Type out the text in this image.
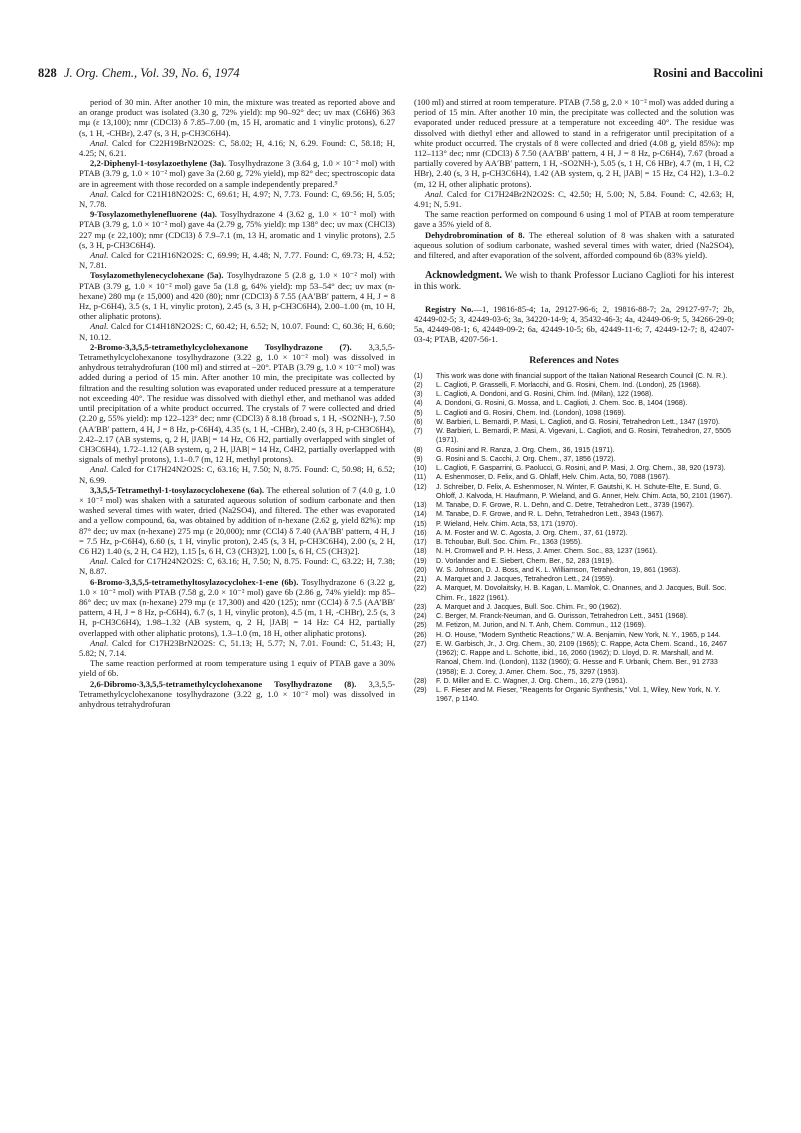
828 J. Org. Chem., Vol. 39, No. 6, 1974	Rosini and Baccolini

period of 30 min. After another 10 min, the mixture was treated as reported above and an orange product was isolated (3.30 g, 72% yield): mp 90–92° dec; uv max (C6H6) 363 mμ (ε 13,100); nmr (CDCl3) δ 7.85–7.00 (m, 15 H, aromatic and 1 vinylic protons), 6.27 (s, 1 H, -CHBr), 2.47 (s, 3 H, p-CH3C6H4).

Anal. Calcd for C22H19BrN2O2S: C, 58.02; H, 4.16; N, 6.29. Found: C, 58.18; H, 4.25; N, 6.21.

2,2-Diphenyl-1-tosylazoethylene (3a). Tosylhydrazone 3 (3.64 g, 1.0 × 10⁻² mol) with PTAB (3.79 g, 1.0 × 10⁻² mol) gave 3a (2.60 g, 72% yield), mp 82° dec; spectroscopic data are in agreement with those recorded on a sample independently prepared.⁹

Anal. Calcd for C21H18N2O2S: C, 69.61; H, 4.97; N, 7.73. Found: C, 69.56; H, 5.05; N, 7.78.

9-Tosylazomethylenefluorene (4a). Tosylhydrazone 4 (3.62 g, 1.0 × 10⁻² mol) with PTAB (3.79 g, 1.0 × 10⁻² mol) gave 4a (2.79 g, 75% yield): mp 138° dec; uv max (CHCl3) 227 mμ (ε 22,100); nmr (CDCl3) δ 7.9–7.1 (m, 13 H, aromatic and 1 vinylic protons), 2.5 (s, 3 H, p-CH3C6H4).

Anal. Calcd for C21H16N2O2S: C, 69.99; H, 4.48; N, 7.77. Found: C, 69.73; H, 4.52; N, 7.81.

Tosylazomethylenecyclohexane (5a). Tosylhydrazone 5 (2.8 g, 1.0 × 10⁻² mol) with PTAB (3.79 g, 1.0 × 10⁻² mol) gave 5a (1.8 g, 64% yield): mp 53–54° dec; uv max (n-hexane) 280 mμ (ε 15,000) and 420 (80); nmr (CDCl3) δ 7.55 (AA′BB′ pattern, 4 H, J = 8 Hz, p-C6H4), 3.5 (s, 1 H, vinylic proton), 2.45 (s, 3 H, p-CH3C6H4), 2.00–1.00 (m, 10 H, other aliphatic protons).

Anal. Calcd for C14H18N2O2S: C, 60.42; H, 6.52; N, 10.07. Found: C, 60.36; H, 6.60; N, 10.12.

2-Bromo-3,3,5,5-tetramethylcyclohexanone Tosylhydrazone (7). 3,3,5,5-Tetramethylcyclohexanone tosylhydrazone (3.22 g, 1.0 × 10⁻² mol) was dissolved in anhydrous tetrahydrofuran (100 ml) and stirred at −20°. PTAB (3.79 g, 1.0 × 10⁻² mol) was added during a period of 15 min. After another 10 min, the precipitate was collected by filtration and the resulting solution was evaporated under reduced pressure at a temperature not exceeding 40°. The residue was dissolved with diethyl ether, and methanol was added until precipitation of a white product occurred. The crystals of 7 were collected and dried (2.20 g, 55% yield): mp 122–123° dec; nmr (CDCl3) δ 8.18 (broad s, 1 H, -SO2NH-), 7.50 (AA′BB′ pattern, 4 H, J = 8 Hz, p-C6H4), 4.35 (s, 1 H, -CHBr), 2.40 (s, 3 H, p-CH3C6H4), 2.42–2.17 (AB systems, q, 2 H, |JAB| = 14 Hz, C6 H2, partially overlapped with singlet of CH3C6H4), 1.72–1.12 (AB system, q, 2 H, |JAB| = 14 Hz, C4H2, partially overlapped with signals of methyl protons), 1.1–0.7 (m, 12 H, methyl protons).

Anal. Calcd for C17H24N2O2S: C, 63.16; H, 7.50; N, 8.75. Found: C, 50.98; H, 6.52; N, 6.99.

3,3,5,5-Tetramethyl-1-tosylazocyclohexene (6a). The ethereal solution of 7 (4.0 g, 1.0 × 10⁻² mol) was shaken with a saturated aqueous solution of sodium carbonate and then washed several times with water, dried (Na2SO4), and filtered. The ether was evaporated and a yellow compound, 6a, was obtained by addition of n-hexane (2.62 g, yield 82%): mp 87° dec; uv max (n-hexane) 275 mμ (ε 20,000); nmr (CCl4) δ 7.40 (AA′BB′ pattern, 4 H, J = 7.5 Hz, p-C6H4), 6.60 (s, 1 H, vinylic proton), 2.45 (s, 3 H, p-CH3C6H4), 2.00 (s, 2 H, C6 H2) 1.40 (s, 2 H, C4 H2), 1.15 [s, 6 H, C3 (CH3)2], 1.00 [s, 6 H, C5 (CH3)2].

Anal. Calcd for C17H24N2O2S: C, 63.16; H, 7.50; N, 8.75. Found: C, 63.22; H, 7.38; N, 8.87.

6-Bromo-3,3,5,5-tetramethyltosylazocyclohex-1-ene (6b). Tosylhydrazone 6 (3.22 g, 1.0 × 10⁻² mol) with PTAB (7.58 g, 2.0 × 10⁻² mol) gave 6b (2.86 g, 74% yield): mp 85–86° dec; uv max (n-hexane) 279 mμ (ε 17,300) and 420 (125); nmr (CCl4) δ 7.5 (AA′BB′ pattern, 4 H, J = 8 Hz, p-C6H4), 6.7 (s, 1 H, vinylic proton), 4.5 (m, 1 H, -CHBr), 2.5 (s, 3 H, p-CH3C6H4), 1.98–1.32 (AB system, q, 2 H, |JAB| = 14 Hz: C4 H2, partially overlapped with other aliphatic protons), 1.3–1.0 (m, 18 H, other aliphatic protons).

Anal. Calcd for C17H23BrN2O2S: C, 51.13; H, 5.77; N, 7.01. Found: C, 51.43; H, 5.82; N, 7.14.

The same reaction performed at room temperature using 1 equiv of PTAB gave a 30% yield of 6b.

2,6-Dibromo-3,3,5,5-tetramethylcyclohexanone Tosylhydrazone (8). 3,3,5,5-Tetramethylcyclohexanone tosylhydrazone (3.22 g, 1.0 × 10⁻² mol) was dissolved in anhydrous tetrahydrofuran

(100 ml) and stirred at room temperature. PTAB (7.58 g, 2.0 × 10⁻² mol) was added during a period of 15 min. After another 10 min, the precipitate was collected and the solution was evaporated under reduced pressure at a temperature not exceeding 40°. The residue was dissolved with diethyl ether and allowed to stand in a refrigerator until precipitation of a white product occurred. The crystals of 8 were collected and dried (4.08 g, yield 85%): mp 112–113° dec; nmr (CDCl3) δ 7.50 (AA′BB′ pattern, 4 H, J = 8 Hz, p-C6H4), 7.67 (broad a partially covered by AA′BB′ pattern, 1 H, -SO2NH-), 5.05 (s, 1 H, C6 HBr), 4.7 (m, 1 H, C2 HBr), 2.40 (s, 3 H, p-CH3C6H4), 1.42 (AB system, q, 2 H, |JAB| = 15 Hz, C4 H2), 1.3–0.2 (m, 12 H, other aliphatic protons).

Anal. Calcd for C17H24Br2N2O2S: C, 42.50; H, 5.00; N, 5.84. Found: C, 42.63; H, 4.91; N, 5.91.

The same reaction performed on compound 6 using 1 mol of PTAB at room temperature gave a 35% yield of 8.

Dehydrobromination of 8. The ethereal solution of 8 was shaken with a saturated aqueous solution of sodium carbonate, washed several times with water, dried (Na2SO4), and filtered, and after evaporation of the solvent, afforded compound 6b (83% yield).

Acknowledgment. We wish to thank Professor Luciano Caglioti for his interest in this work.

Registry No.—1, 19816-85-4; 1a, 29127-96-6; 2, 19816-88-7; 2a, 29127-97-7; 2b, 42449-02-5; 3, 42449-03-6; 3a, 34220-14-9; 4, 35432-46-3; 4a, 42449-06-9; 5, 34266-29-0; 5a, 42449-08-1; 6, 42449-09-2; 6a, 42449-10-5; 6b, 42449-11-6; 7, 42449-12-7; 8, 42407-03-4; PTAB, 4207-56-1.

References and Notes
(1) This work was done with financial support of the Italian National Research Council (C. N. R.).
(2) L. Caglioti, P. Grasselli, F. Morlacchi, and G. Rosini, Chem. Ind. (London), 25 (1968).
(3) L. Caglioti, A. Dondoni, and G. Rosini, Chim. Ind. (Milan), 122 (1968).
(4) A. Dondoni, G. Rosini, G. Mossa, and L. Caglioti, J. Chem. Soc. B, 1404 (1968).
(5) L. Caglioti and G. Rosini, Chem. Ind. (London), 1098 (1969).
(6) W. Barbieri, L. Bernardi, P. Masi, L. Caglioti, and G. Rosini, Tetrahedron Lett., 1347 (1970).
(7) W. Barbieri, L. Bernardi, P. Masi, A. Vigevani, L. Caglioti, and G. Rosini, Tetrahedron, 27, 5505 (1971).
(8) G. Rosini and R. Ranza, J. Org. Chem., 36, 1915 (1971).
(9) G. Rosini and S. Cacchi, J. Org. Chem., 37, 1856 (1972).
(10) L. Caglioti, F. Gasparrini, G. Paolucci, G. Rosini, and P. Masi, J. Org. Chem., 38, 920 (1973).
(11) A. Eshenmoser, D. Felix, and G. Ohlaff, Helv. Chim. Acta, 50, 7088 (1967).
(12) J. Schreiber, D. Felix, A. Eshenmoser, N. Winter, F. Gautshi, K. H. Schute-Elte, E. Sund, G. Ohloff, J. Kalvoda, H. Haufmann, P. Wieland, and G. Anner, Helv. Chim. Acta, 50, 2101 (1967).
(13) M. Tanabe, D. F. Growe, R. L. Dehn, and C. Detre, Tetrahedron Lett., 3739 (1967).
(14) M. Tanabe, D. F. Growe, and R. L. Dehn, Tetrahedron Lett., 3943 (1967).
(15) P. Wieland, Helv. Chim. Acta, 53, 171 (1970).
(16) A. M. Foster and W. C. Agosta, J. Org. Chem., 37, 61 (1972).
(17) B. Tchoubar, Bull. Soc. Chim. Fr., 1363 (1955).
(18) N. H. Cromwell and P. H. Hess, J. Amer. Chem. Soc., 83, 1237 (1961).
(19) D. Vorlander and E. Siebert, Chem. Ber., 52, 283 (1919).
(20) W. S. Johnson, D. J. Boss, and K. L. Williamson, Tetrahedron, 19, 861 (1963).
(21) A. Marquet and J. Jacques, Tetrahedron Lett., 24 (1959).
(22) A. Marquet, M. Dovolaitsky, H. B. Kagan, L. Mamlok, C. Onannes, and J. Jacques, Bull. Soc. Chim. Fr., 1822 (1961).
(23) A. Marquet and J. Jacques, Bull. Soc. Chim. Fr., 90 (1962).
(24) C. Berger, M. Franck-Neuman, and G. Ourisson, Tetrahedron Lett., 3451 (1968).
(25) M. Fetizon, M. Jurion, and N. T. Anh, Chem. Commun., 112 (1969).
(26) H. O. House, "Modern Synthetic Reactions," W. A. Benjamin, New York, N. Y., 1965, p 144.
(27) E. W. Garbisch, Jr., J. Org. Chem., 30, 2109 (1965); C. Rappe, Acta Chem. Scand., 16, 2467 (1962); C. Rappe and L. Schotte, ibid., 16, 2060 (1962); D. Lloyd, D. R. Marshall, and M. Ranoal, Chem. Ind. (London), 1132 (1960); G. Hesse and F. Urbank, Chem. Ber., 91 2733 (1958); E. J. Corey, J. Amer. Chem. Soc., 75, 3297 (1953).
(28) F. D. Miller and E. C. Wagner, J. Org. Chem., 16, 279 (1951).
(29) L. F. Fieser and M. Fieser, "Reagents for Organic Synthesis," Vol. 1, Wiley, New York, N. Y. 1967, p 1140.
